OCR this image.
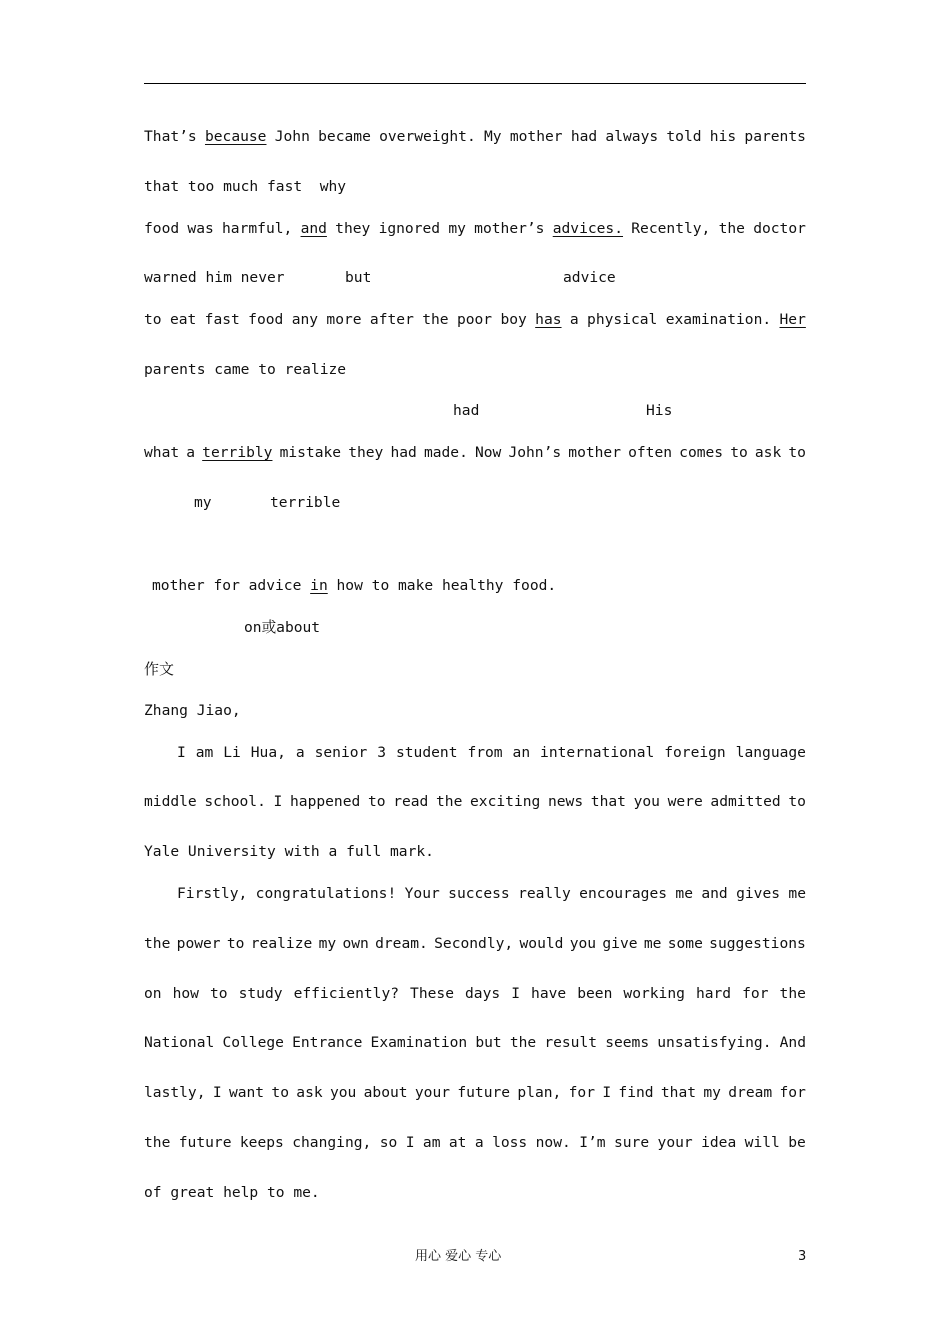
That’s because John became overweight. My mother had always told his parents
that too much fast  why
food was harmful, and they ignored my mother’s advices. Recently, the doctor
warned him never	but	advice
to eat fast food any more after the poor boy has a physical examination. Her
parents came to realize
had	His
what a terribly mistake they had made. Now John’s mother often comes to ask to
my	terrible
mother for advice in how to make healthy food.
on或about
作文
Zhang Jiao,
I am Li Hua, a senior 3 student from an international foreign language
middle school. I happened to read the exciting news that you were admitted to
Yale University with a full mark.
Firstly, congratulations! Your success really encourages me and gives me
the power to realize my own dream. Secondly, would you give me some suggestions
on how to study efficiently? These days I have been working hard for the
National College Entrance Examination but the result seems unsatisfying. And
lastly, I want to ask you about your future plan, for I find that my dream for
the future keeps changing, so I am at a loss now. I’m sure your idea will be
of great help to me.
用心 爱心 专心	3
